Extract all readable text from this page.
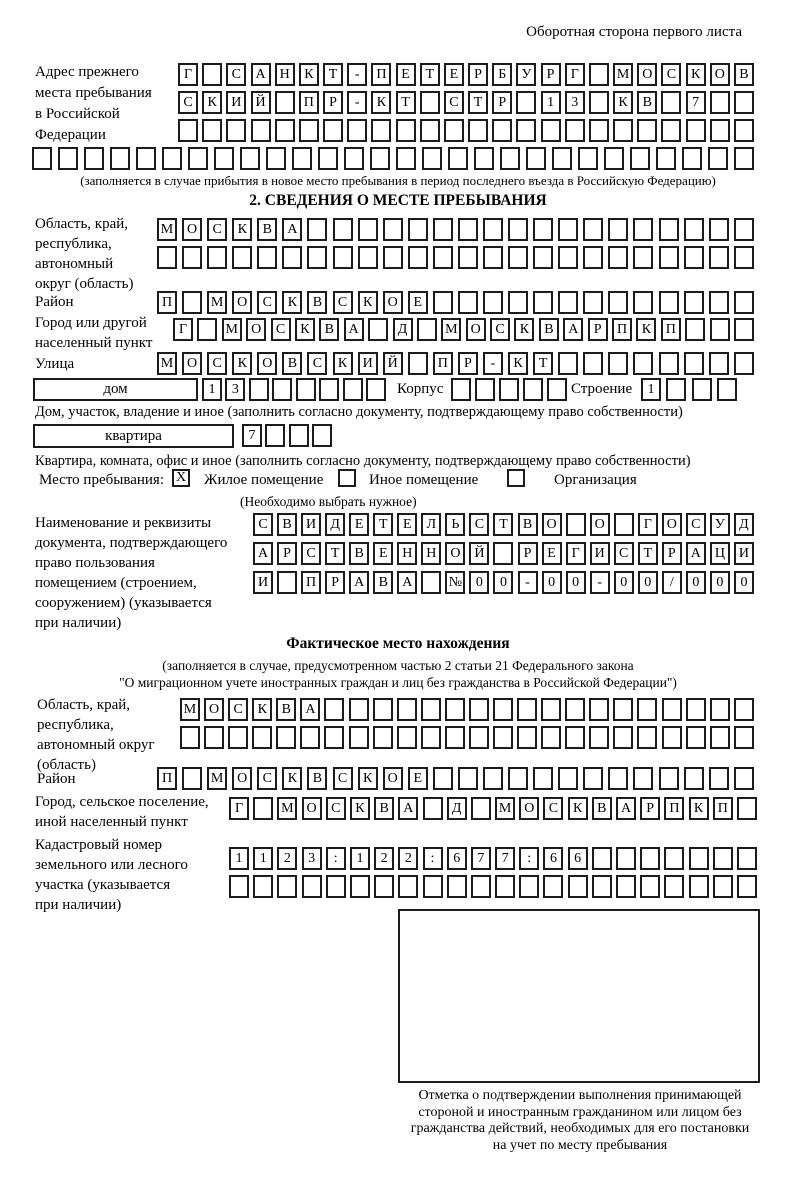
Оборотная сторона первого листа
Адрес прежнего
места пребывания
в Российской
Федерации
Г	С	А	Н	К	Т	-	П	Е	Т	Е	Р	Б	У	Р	Г	М О	С	К	О	В
С	К	И	Й	П	Р	-	К	Т	С	Т	Р	1	3	К	В	7
(заполняется в случае прибытия в новое место пребывания в период последнего въезда в Российскую Федерацию)
2. СВЕДЕНИЯ О МЕСТЕ ПРЕБЫВАНИЯ
Область, край,
республика,
автономный
округ (область)
М О	С	К	В	А
Район	П	М О	С	К	В	С	К	О	Е
Город или другой
населенный пункт
Г	М О	С	К	В	А	Д	М О	С	К	В	А	Р	П	К	П
Улица	М О	С	К	О	В	С	К	И	Й	П	Р	-	К	Т
дом	1	3	Корпус	Строение	1
Дом, участок, владение и иное (заполнить согласно документу, подтверждающему право собственности)
квартира	7
Квартира, комната, офис и иное (заполнить согласно документу, подтверждающему право собственности)
Место пребывания: X Жилое помещение	Иное помещение	Организация
(Необходимо выбрать нужное)
Наименование и реквизиты
документа, подтверждающего
право пользования
помещением (строением,
сооружением) (указывается
при наличии)
С	В	И	Д	Е	Т	Е	Л	Ь	С	Т	В	О	О	Г	О	С	У	Д
А	Р	С	Т	В	Е	Н Н О Й	Р	Е	Г	И	С	Т	Р	А Ц И
И	П	Р	А	В	А	№ 0	0	-	0	0	-	0	0	/	0	0	0
Фактическое место нахождения
(заполняется в случае, предусмотренном частью 2 статьи 21 Федерального закона
"О миграционном учете иностранных граждан и лиц без гражданства в Российской Федерации")
Область, край,
республика,
автономный округ
(область)
М О	С	К	В	А
Район	П	М О	С	К	В	С	К	О	Е
Город, сельское поселение,
иной населенный пункт
Г	М О	С	К	В	А	Д	М О	С	К	В	А	Р	П	К	П
Кадастровый номер
земельного или лесного
участка (указывается
при наличии)
1	1	2	3	:	1	2	2	:	6	7	7	:	6	6
Отметка о подтверждении выполнения принимающей
стороной и иностранным гражданином или лицом без
гражданства действий, необходимых для его постановки
на учет по месту пребывания
